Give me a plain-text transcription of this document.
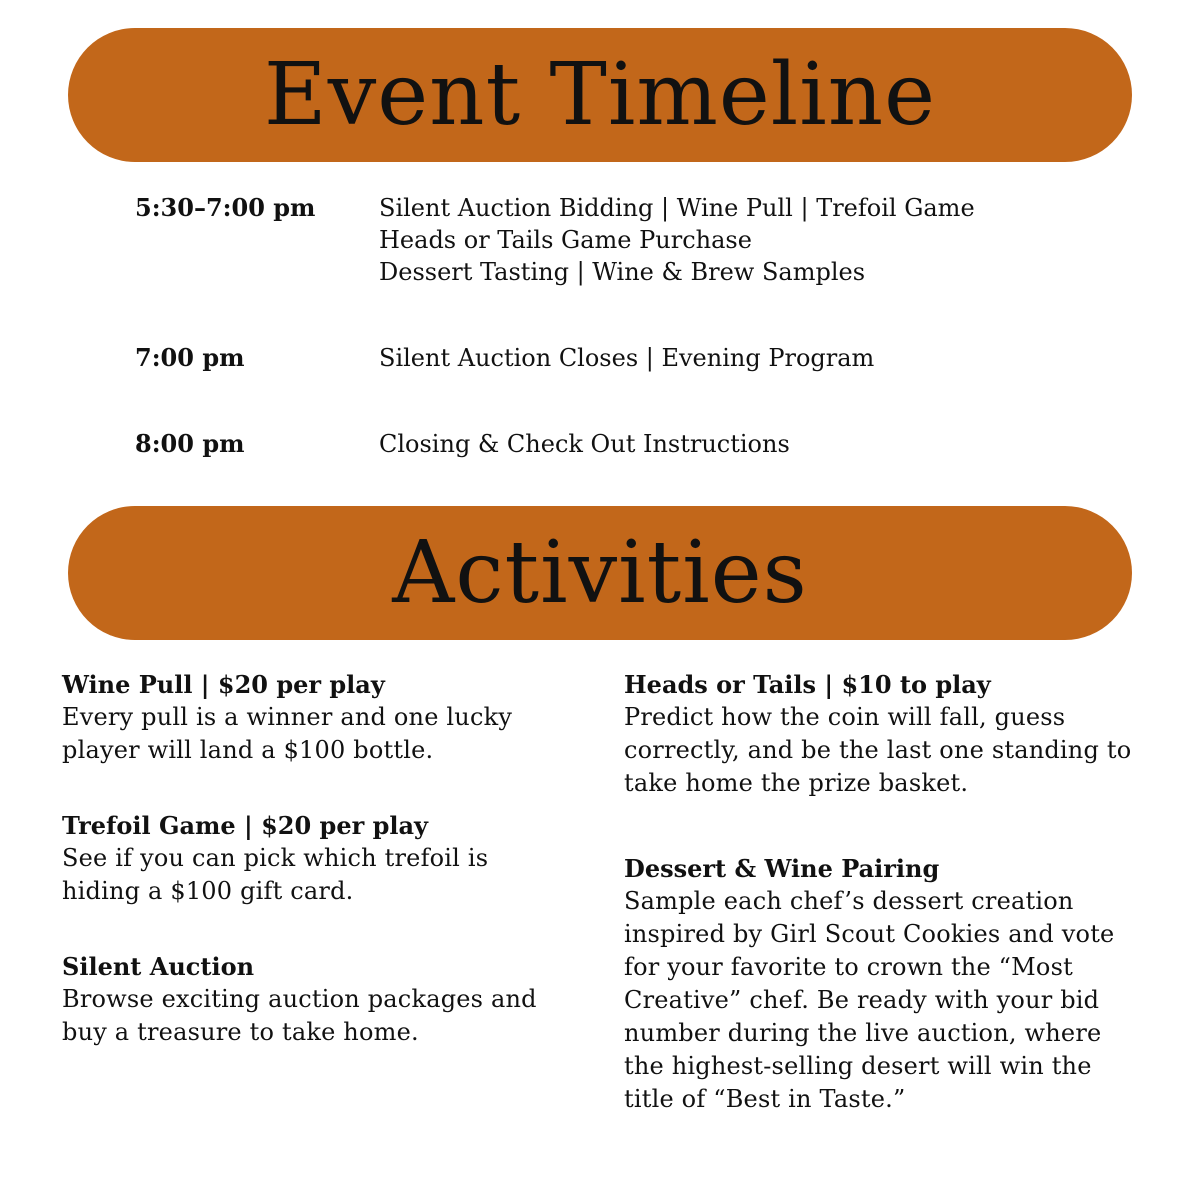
Event Timeline
5:30–7:00 pm	Silent Auction Bidding | Wine Pull | Trefoil Game
Heads or Tails Game Purchase
Dessert Tasting | Wine & Brew Samples
7:00 pm	Silent Auction Closes | Evening Program
8:00 pm	Closing & Check Out Instructions
Activities
Wine Pull | $20 per play

Every pull is a winner and one lucky player will land a $100 bottle.

Trefoil Game | $20 per play

See if you can pick which trefoil is hiding a $100 gift card.

Silent Auction

Browse exciting auction packages and buy a treasure to take home.

Heads or Tails | $10 to play

Predict how the coin will fall, guess correctly, and be the last one standing to take home the prize basket.

Dessert & Wine Pairing

Sample each chef’s dessert creation inspired by Girl Scout Cookies and vote for your favorite to crown the “Most Creative” chef. Be ready with your bid number during the live auction, where the highest-selling desert will win the title of “Best in Taste.”
